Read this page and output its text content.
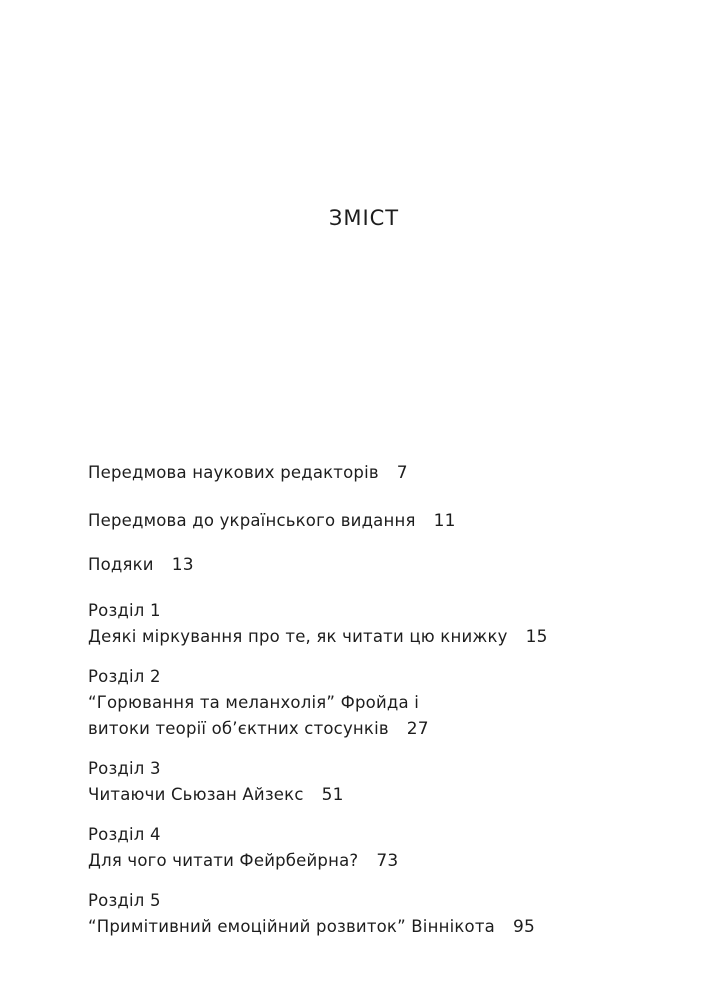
ЗМІСТ
Передмова наукових редакторів 7
Передмова до українського видання 11
Подяки 13
Розділ 1
Деякі міркування про те, як читати цю книжку 15
Розділ 2
“Горювання та меланхолія” Фройда і
витоки теорії об’єктних стосунків 27
Розділ 3
Читаючи Сьюзан Айзекс 51
Розділ 4
Для чого читати Фейрбейрна? 73
Розділ 5
“Примітивний емоційний розвиток” Віннікота 95
